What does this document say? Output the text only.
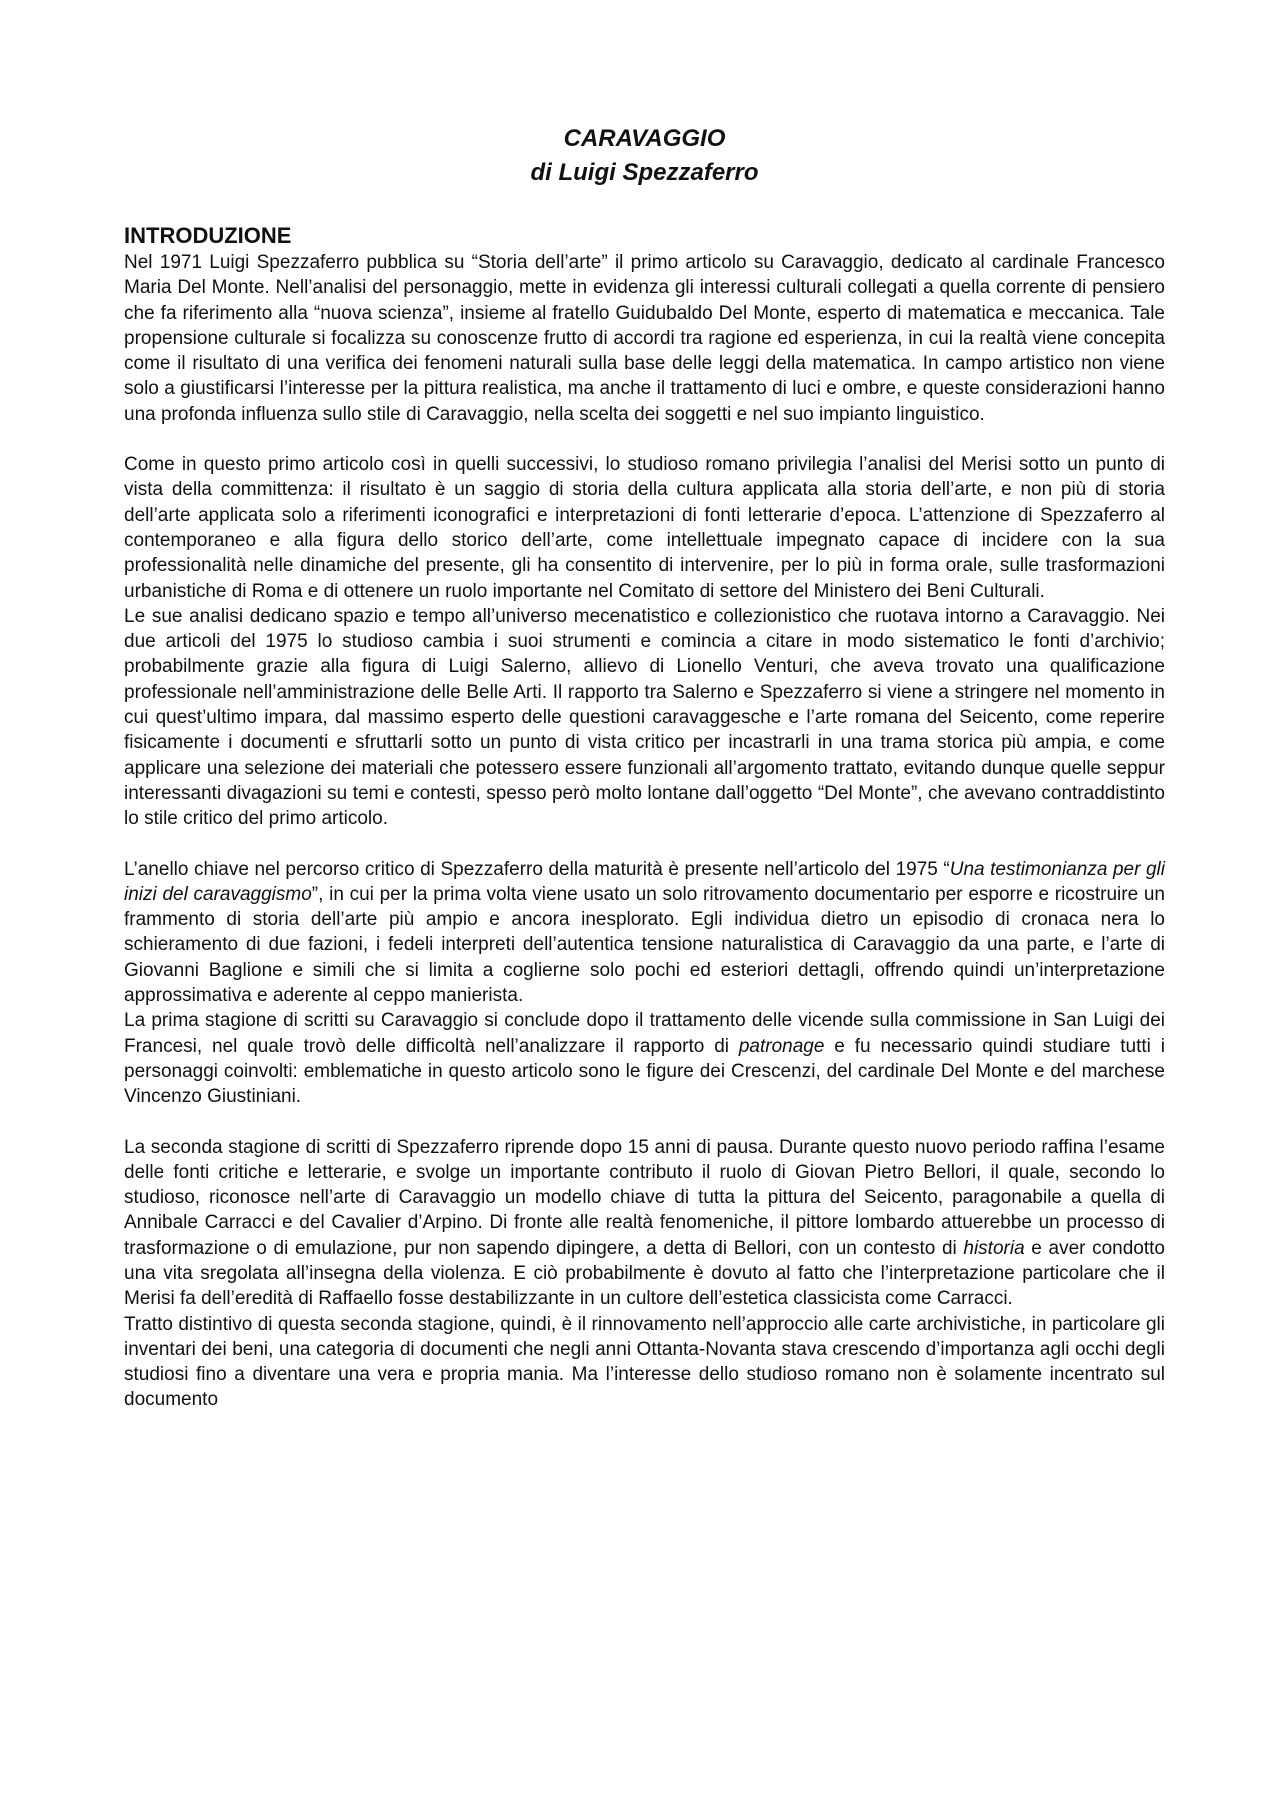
CARAVAGGIO

di Luigi Spezzaferro

INTRODUZIONE

Nel 1971 Luigi Spezzaferro pubblica su “Storia dell’arte” il primo articolo su Caravaggio, dedicato al cardinale Francesco Maria Del Monte. Nell’analisi del personaggio, mette in evidenza gli interessi culturali collegati a quella corrente di pensiero che fa riferimento alla “nuova scienza”, insieme al fratello Guidubaldo Del Monte, esperto di matematica e meccanica. Tale propensione culturale si focalizza su conoscenze frutto di accordi tra ragione ed esperienza, in cui la realtà viene concepita come il risultato di una verifica dei fenomeni naturali sulla base delle leggi della matematica. In campo artistico non viene solo a giustificarsi l’interesse per la pittura realistica, ma anche il trattamento di luci e ombre, e queste considerazioni hanno una profonda influenza sullo stile di Caravaggio, nella scelta dei soggetti e nel suo impianto linguistico.

Come in questo primo articolo così in quelli successivi, lo studioso romano privilegia l’analisi del Merisi sotto un punto di vista della committenza: il risultato è un saggio di storia della cultura applicata alla storia dell’arte, e non più di storia dell’arte applicata solo a riferimenti iconografici e interpretazioni di fonti letterarie d’epoca. L’attenzione di Spezzaferro al contemporaneo e alla figura dello storico dell’arte, come intellettuale impegnato capace di incidere con la sua professionalità nelle dinamiche del presente, gli ha consentito di intervenire, per lo più in forma orale, sulle trasformazioni urbanistiche di Roma e di ottenere un ruolo importante nel Comitato di settore del Ministero dei Beni Culturali.

Le sue analisi dedicano spazio e tempo all’universo mecenatistico e collezionistico che ruotava intorno a Caravaggio. Nei due articoli del 1975 lo studioso cambia i suoi strumenti e comincia a citare in modo sistematico le fonti d’archivio; probabilmente grazie alla figura di Luigi Salerno, allievo di Lionello Venturi, che aveva trovato una qualificazione professionale nell’amministrazione delle Belle Arti. Il rapporto tra Salerno e Spezzaferro si viene a stringere nel momento in cui quest’ultimo impara, dal massimo esperto delle questioni caravaggesche e l’arte romana del Seicento, come reperire fisicamente i documenti e sfruttarli sotto un punto di vista critico per incastrarli in una trama storica più ampia, e come applicare una selezione dei materiali che potessero essere funzionali all’argomento trattato, evitando dunque quelle seppur interessanti divagazioni su temi e contesti, spesso però molto lontane dall’oggetto “Del Monte”, che avevano contraddistinto lo stile critico del primo articolo.

L’anello chiave nel percorso critico di Spezzaferro della maturità è presente nell’articolo del 1975 “Una testimonianza per gli inizi del caravaggismo”, in cui per la prima volta viene usato un solo ritrovamento documentario per esporre e ricostruire un frammento di storia dell’arte più ampio e ancora inesplorato. Egli individua dietro un episodio di cronaca nera lo schieramento di due fazioni, i fedeli interpreti dell’autentica tensione naturalistica di Caravaggio da una parte, e l’arte di Giovanni Baglione e simili che si limita a coglierne solo pochi ed esteriori dettagli, offrendo quindi un’interpretazione approssimativa e aderente al ceppo manierista.

La prima stagione di scritti su Caravaggio si conclude dopo il trattamento delle vicende sulla commissione in San Luigi dei Francesi, nel quale trovò delle difficoltà nell’analizzare il rapporto di patronage e fu necessario quindi studiare tutti i personaggi coinvolti: emblematiche in questo articolo sono le figure dei Crescenzi, del cardinale Del Monte e del marchese Vincenzo Giustiniani.

La seconda stagione di scritti di Spezzaferro riprende dopo 15 anni di pausa. Durante questo nuovo periodo raffina l’esame delle fonti critiche e letterarie, e svolge un importante contributo il ruolo di Giovan Pietro Bellori, il quale, secondo lo studioso, riconosce nell’arte di Caravaggio un modello chiave di tutta la pittura del Seicento, paragonabile a quella di Annibale Carracci e del Cavalier d’Arpino. Di fronte alle realtà fenomeniche, il pittore lombardo attuerebbe un processo di trasformazione o di emulazione, pur non sapendo dipingere, a detta di Bellori, con un contesto di historia e aver condotto una vita sregolata all’insegna della violenza. E ciò probabilmente è dovuto al fatto che l’interpretazione particolare che il Merisi fa dell’eredità di Raffaello fosse destabilizzante in un cultore dell’estetica classicista come Carracci.

Tratto distintivo di questa seconda stagione, quindi, è il rinnovamento nell’approccio alle carte archivistiche, in particolare gli inventari dei beni, una categoria di documenti che negli anni Ottanta-Novanta stava crescendo d’importanza agli occhi degli studiosi fino a diventare una vera e propria mania. Ma l’interesse dello studioso romano non è solamente incentrato sul documento
